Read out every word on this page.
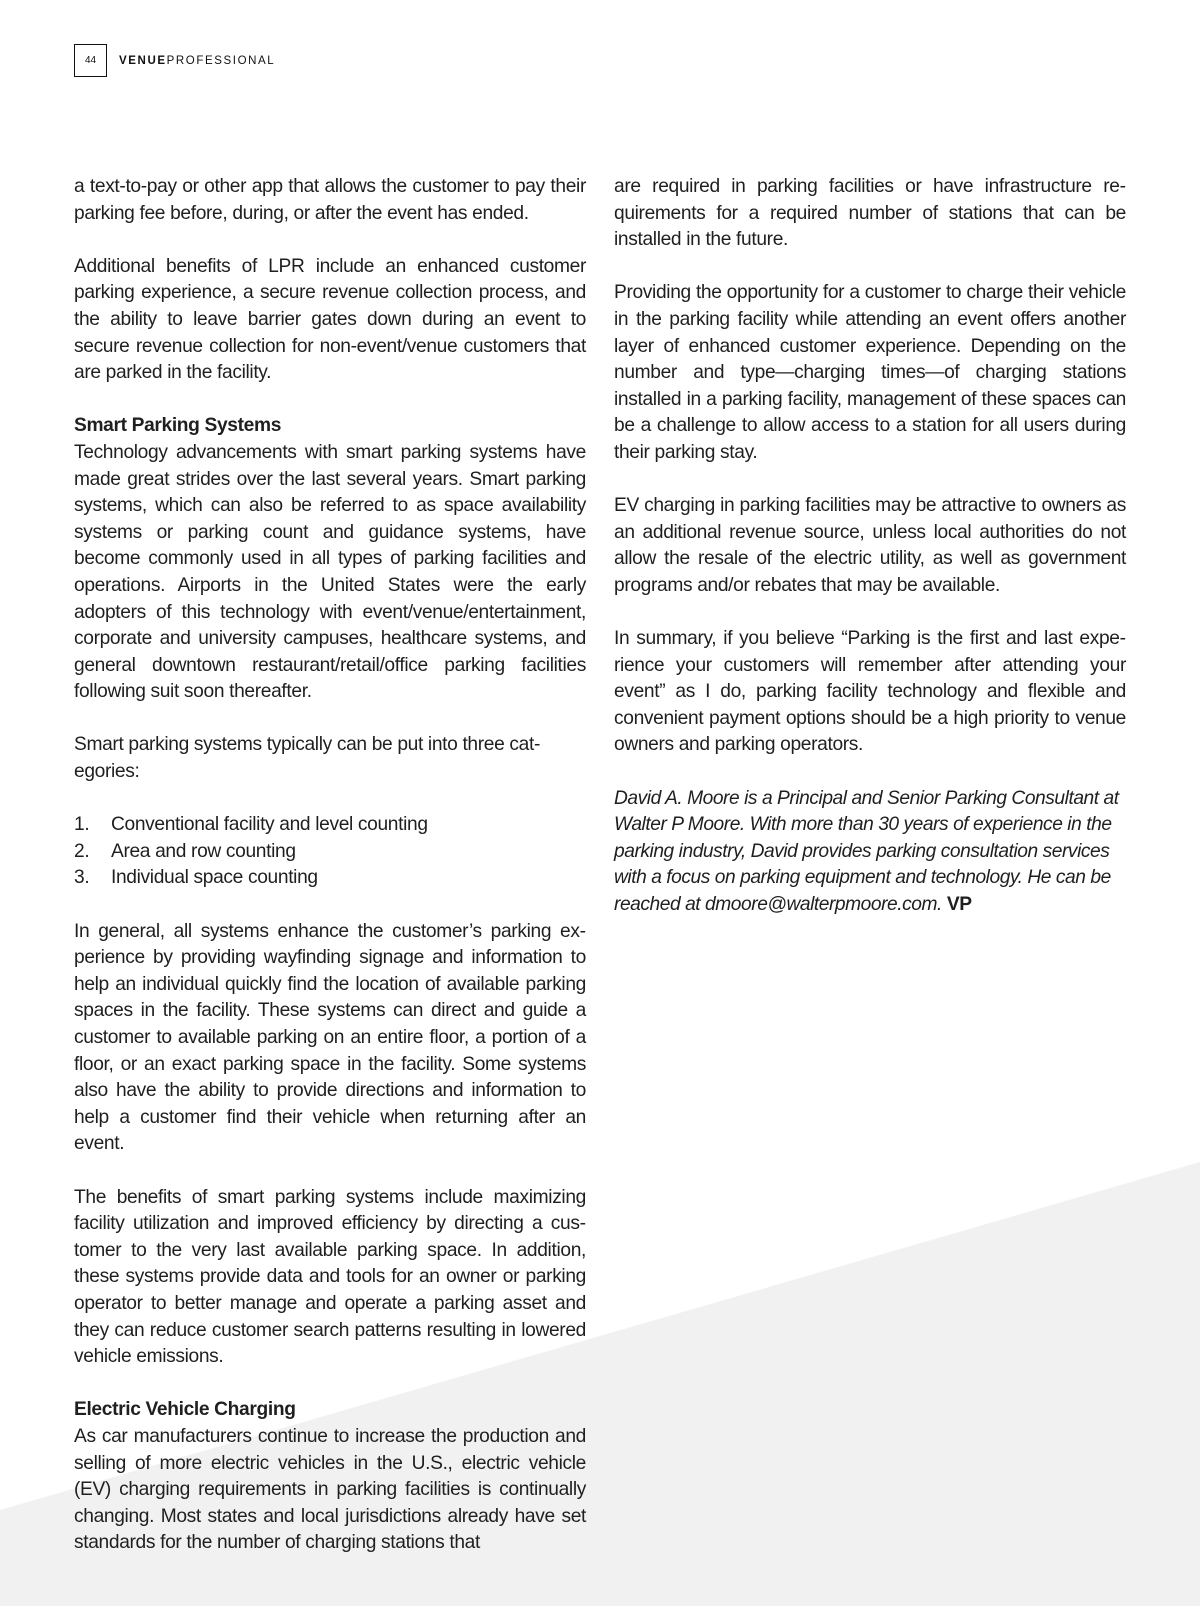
44	VENUEPROFESSIONAL

a text-to-pay or other app that allows the customer to pay their parking fee before, during, or after the event has ended.

Additional benefits of LPR include an enhanced customer parking experience, a secure revenue collection process, and the ability to leave barrier gates down during an event to secure revenue collection for non-event/venue customers that are parked in the facility.

Smart Parking Systems

Technology advancements with smart parking systems have made great strides over the last several years. Smart parking systems, which can also be referred to as space availability systems or parking count and guidance systems, have become commonly used in all types of parking facilities and operations. Airports in the United States were the early adopters of this technology with event/venue/entertainment, corporate and university campuses, healthcare systems, and general downtown restaurant/retail/office parking facilities following suit soon thereafter.

Smart parking systems typically can be put into three categories:

1.	Conventional facility and level counting
2.	Area and row counting
3.	Individual space counting

In general, all systems enhance the customer’s parking experience by providing wayfinding signage and information to help an individual quickly find the location of available parking spaces in the facility. These systems can direct and guide a customer to available parking on an entire floor, a portion of a floor, or an exact parking space in the facility. Some systems also have the ability to provide directions and information to help a customer find their vehicle when returning after an event.

The benefits of smart parking systems include maximizing facility utilization and improved efficiency by directing a customer to the very last available parking space. In addition, these systems provide data and tools for an owner or parking operator to better manage and operate a parking asset and they can reduce customer search patterns resulting in lowered vehicle emissions.

Electric Vehicle Charging

As car manufacturers continue to increase the production and selling of more electric vehicles in the U.S., electric vehicle (EV) charging requirements in parking facilities is continually changing. Most states and local jurisdictions already have set standards for the number of charging stations that

are required in parking facilities or have infrastructure requirements for a required number of stations that can be installed in the future.

Providing the opportunity for a customer to charge their vehicle in the parking facility while attending an event offers another layer of enhanced customer experience. Depending on the number and type—charging times—of charging stations installed in a parking facility, management of these spaces can be a challenge to allow access to a station for all users during their parking stay.

EV charging in parking facilities may be attractive to owners as an additional revenue source, unless local authorities do not allow the resale of the electric utility, as well as government programs and/or rebates that may be available.

In summary, if you believe “Parking is the first and last experience your customers will remember after attending your event” as I do, parking facility technology and flexible and convenient payment options should be a high priority to venue owners and parking operators.

David A. Moore is a Principal and Senior Parking Consultant at Walter P Moore. With more than 30 years of experience in the parking industry, David provides parking consultation services with a focus on parking equipment and technology. He can be reached at dmoore@walterpmoore.com. VP
